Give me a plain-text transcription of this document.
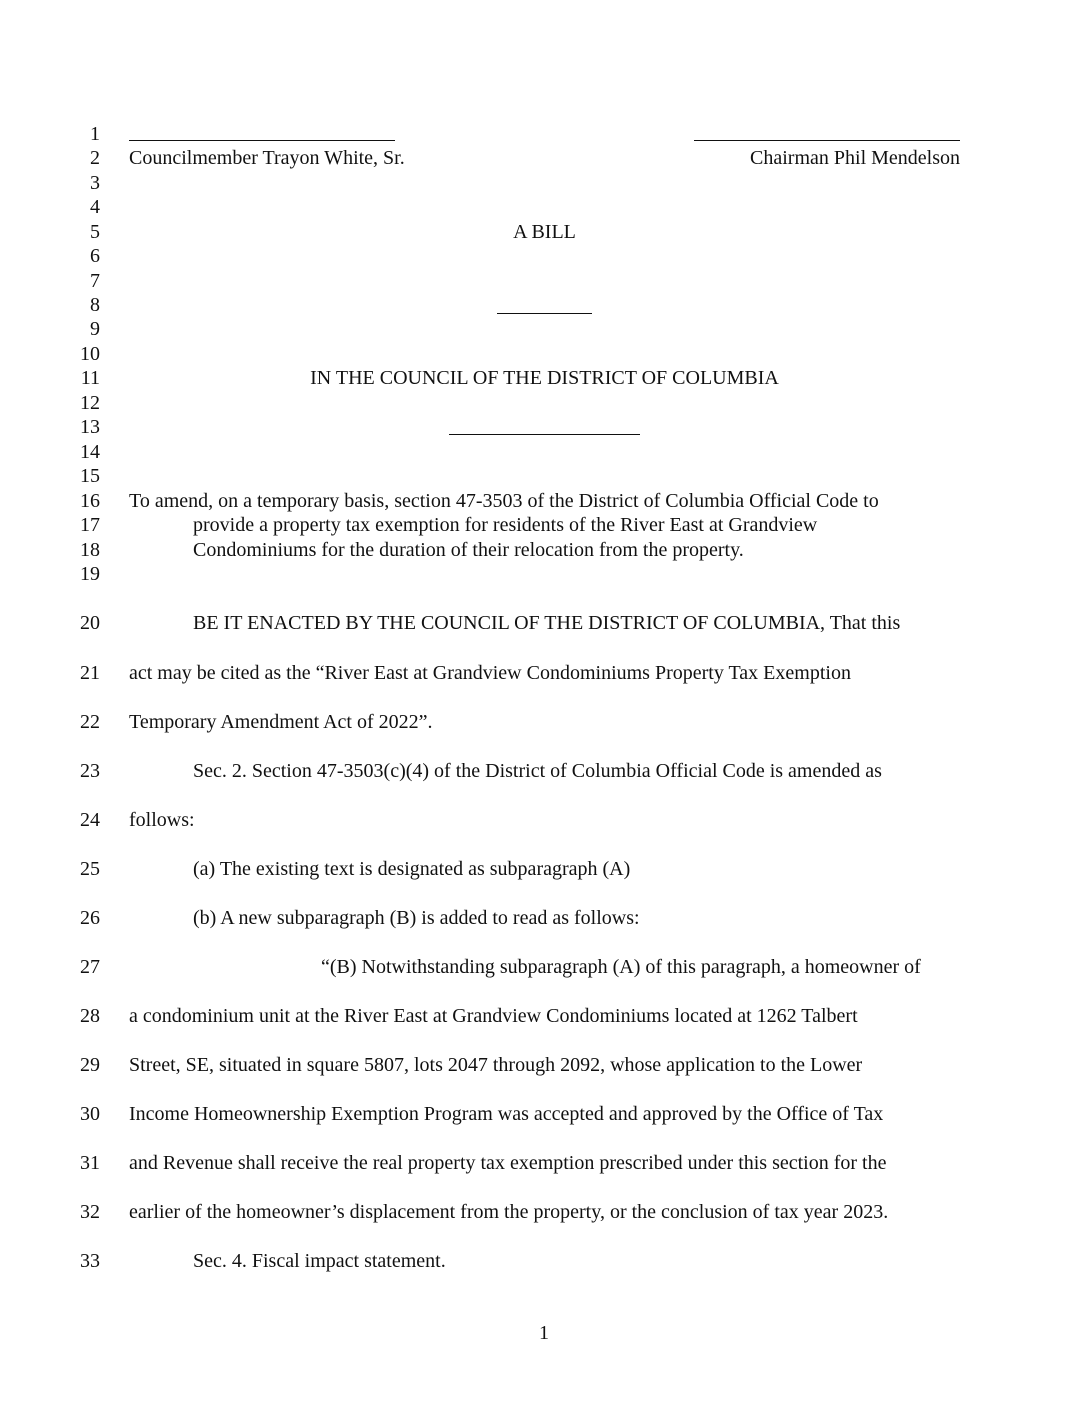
1
2
3
4
5
6
7
8
9
10
11
12
13
14
15
16
17
18
19
20
21
22
23
24
25
26
27
28
29
30
31
32
33
Councilmember Trayon White, Sr.	Chairman Phil Mendelson
A BILL
IN THE COUNCIL OF THE DISTRICT OF COLUMBIA
To amend, on a temporary basis, section 47-3503 of the District of Columbia Official Code to
provide a property tax exemption for residents of the River East at Grandview
Condominiums for the duration of their relocation from the property.
BE IT ENACTED BY THE COUNCIL OF THE DISTRICT OF COLUMBIA, That this
act may be cited as the “River East at Grandview Condominiums Property Tax Exemption
Temporary Amendment Act of 2022”.
Sec. 2. Section 47-3503(c)(4) of the District of Columbia Official Code is amended as
follows:
(a) The existing text is designated as subparagraph (A)
(b) A new subparagraph (B) is added to read as follows:
“(B) Notwithstanding subparagraph (A) of this paragraph, a homeowner of
a condominium unit at the River East at Grandview Condominiums located at 1262 Talbert
Street, SE, situated in square 5807, lots 2047 through 2092, whose application to the Lower
Income Homeownership Exemption Program was accepted and approved by the Office of Tax
and Revenue shall receive the real property tax exemption prescribed under this section for the
earlier of the homeowner’s displacement from the property, or the conclusion of tax year 2023.
Sec. 4. Fiscal impact statement.
1
